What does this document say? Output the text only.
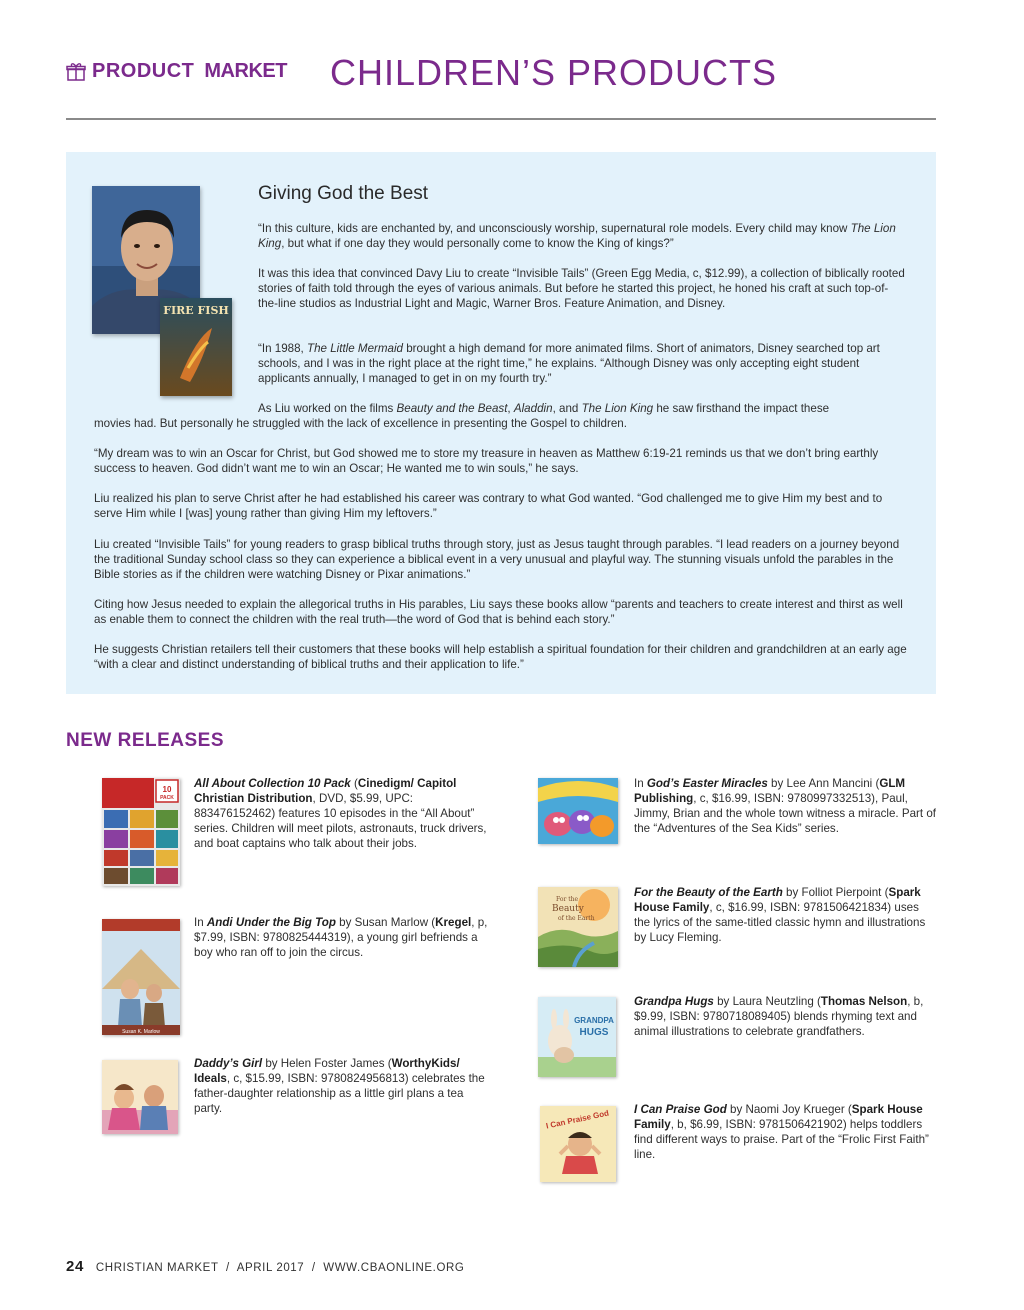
PRODUCT MARKET CHILDREN’S PRODUCTS
FIRE FISH
Giving God the Best

“In this culture, kids are enchanted by, and unconsciously worship, supernatural role models. Every child may know The Lion King, but what if one day they would personally come to know the King of kings?”

It was this idea that convinced Davy Liu to create “Invisible Tails” (Green Egg Media, c, $12.99), a collection of biblically rooted stories of faith told through the eyes of various animals. But before he started this project, he honed his craft at such top-of-the-line studios as Industrial Light and Magic, Warner Bros. Feature Animation, and Disney.

“In 1988, The Little Mermaid brought a high demand for more animated films. Short of animators, Disney searched top art schools, and I was in the right place at the right time,” he explains. “Although Disney was only accepting eight student applicants annually, I managed to get in on my fourth try.”

As Liu worked on the films Beauty and the Beast, Aladdin, and The Lion King he saw firsthand the impact these

movies had. But personally he struggled with the lack of excellence in presenting the Gospel to children.

“My dream was to win an Oscar for Christ, but God showed me to store my treasure in heaven as Matthew 6:19-21 reminds us that we don’t bring earthly success to heaven. God didn’t want me to win an Oscar; He wanted me to win souls,” he says.

Liu realized his plan to serve Christ after he had established his career was contrary to what God wanted. “God challenged me to give Him my best and to serve Him while I [was] young rather than giving Him my leftovers.”

Liu created “Invisible Tails” for young readers to grasp biblical truths through story, just as Jesus taught through parables. “I lead readers on a journey beyond the traditional Sunday school class so they can experience a biblical event in a very unusual and playful way. The stunning visuals unfold the parables in the Bible stories as if the children were watching Disney or Pixar animations.”

Citing how Jesus needed to explain the allegorical truths in His parables, Liu says these books allow “parents and teachers to create interest and thirst as well as enable them to connect the children with the real truth—the word of God that is behind each story.”

He suggests Christian retailers tell their customers that these books will help establish a spiritual foundation for their children and grandchildren at an early age “with a clear and distinct understanding of biblical truths and their application to life.”

NEW RELEASES
10
PACK

All About Collection 10 Pack (Cinedigm/ Capitol Christian Distribution, DVD, $5.99, UPC: 883476152462) features 10 episodes in the “All About” series. Children will meet pilots, astronauts, truck drivers, and boat captains who talk about their jobs.

Susan K. Marlow

In Andi Under the Big Top by Susan Marlow (Kregel, p, $7.99, ISBN: 9780825444319), a young girl befriends a boy who ran off to join the circus.

Daddy’s Girl by Helen Foster James (WorthyKids/ Ideals, c, $15.99, ISBN: 9780824956813) celebrates the father-daughter relationship as a little girl plans a tea party.

In God’s Easter Miracles by Lee Ann Mancini (GLM Publishing, c, $16.99, ISBN: 9780997332513), Paul, Jimmy, Brian and the whole town witness a miracle. Part of the “Adventures of the Sea Kids” series.

For the
Beauty
of the Earth

For the Beauty of the Earth by Folliot Pierpoint (Spark House Family, c, $16.99, ISBN: 9781506421834) uses the lyrics of the same-titled classic hymn and illustrations by Lucy Fleming.

GRANDPA
HUGS

Grandpa Hugs by Laura Neutzling (Thomas Nelson, b, $9.99, ISBN: 9780718089405) blends rhyming text and animal illustrations to celebrate grandfathers.

I Can Praise God I Can Praise God by Naomi Joy Krueger (Spark House Family, b, $6.99, ISBN: 9781506421902) helps toddlers find different ways to praise. Part of the “Frolic First Faith” line.

24 CHRISTIAN MARKET  /  APRIL 2017  /  WWW.CBAONLINE.ORG
